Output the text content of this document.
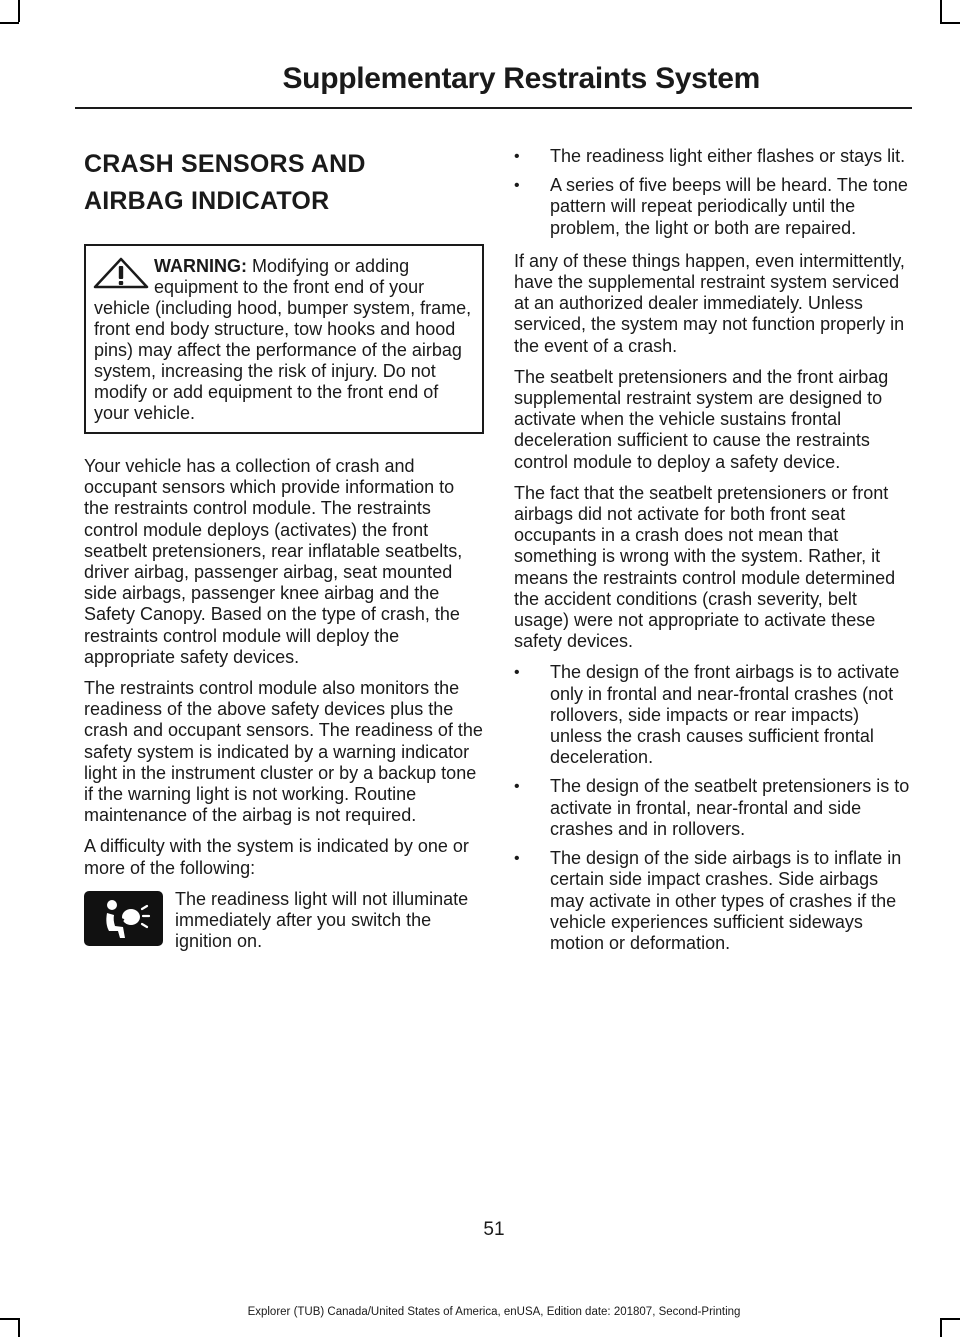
Supplementary Restraints System
CRASH SENSORS AND
AIRBAG INDICATOR
WARNING: Modifying or adding equipment to the front end of your vehicle (including hood, bumper system, frame, front end body structure, tow hooks and hood pins) may affect the performance of the airbag system, increasing the risk of injury. Do not modify or add equipment to the front end of your vehicle.

Your vehicle has a collection of crash and occupant sensors which provide information to the restraints control module. The restraints control module deploys (activates) the front seatbelt pretensioners, rear inflatable seatbelts, driver airbag, passenger airbag, seat mounted side airbags, passenger knee airbag and the Safety Canopy. Based on the type of crash, the restraints control module will deploy the appropriate safety devices.

The restraints control module also monitors the readiness of the above safety devices plus the crash and occupant sensors. The readiness of the safety system is indicated by a warning indicator light in the instrument cluster or by a backup tone if the warning light is not working. Routine maintenance of the airbag is not required.

A difficulty with the system is indicated by one or more of the following:

The readiness light will not illuminate immediately after you switch the ignition on.

• The readiness light either flashes or stays lit.
• A series of five beeps will be heard. The tone pattern will repeat periodically until the problem, the light or both are repaired.

If any of these things happen, even intermittently, have the supplemental restraint system serviced at an authorized dealer immediately. Unless serviced, the system may not function properly in the event of a crash.

The seatbelt pretensioners and the front airbag supplemental restraint system are designed to activate when the vehicle sustains frontal deceleration sufficient to cause the restraints control module to deploy a safety device.

The fact that the seatbelt pretensioners or front airbags did not activate for both front seat occupants in a crash does not mean that something is wrong with the system. Rather, it means the restraints control module determined the accident conditions (crash severity, belt usage) were not appropriate to activate these safety devices.

• The design of the front airbags is to activate only in frontal and near-frontal crashes (not rollovers, side impacts or rear impacts) unless the crash causes sufficient frontal deceleration.
• The design of the seatbelt pretensioners is to activate in frontal, near-frontal and side crashes and in rollovers.
• The design of the side airbags is to inflate in certain side impact crashes. Side airbags may activate in other types of crashes if the vehicle experiences sufficient sideways motion or deformation.
51
Explorer (TUB) Canada/United States of America, enUSA, Edition date: 201807, Second-Printing
